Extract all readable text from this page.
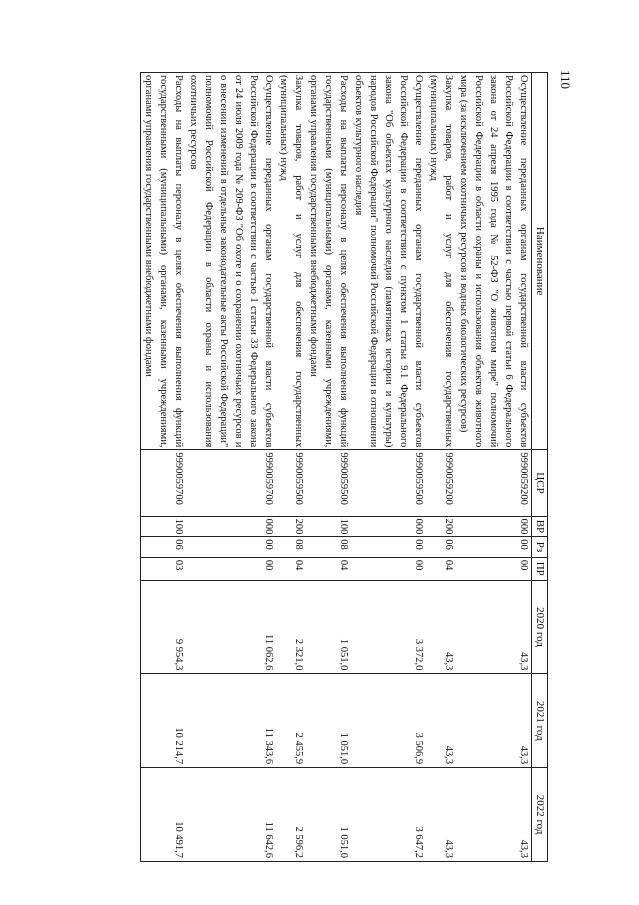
110
Наименование	ЦСР	ВР	Рз	ПР	2020 год	2021 год	2022 год
Осуществление переданных органам государственной власти субъектов Российской Федерации в соответствии с частью первой статьи 6 Федерального закона от 24 апреля 1995 года № 52-ФЗ "О животном мире" полномочий Российской Федерации в области охраны и использования объектов животного мира (за исключением охотничьих ресурсов и водных биологических ресурсов)	9990059200	000	00	00	43,3	43,3	43,3
Закупка товаров, работ и услуг для обеспечения государственных (муниципальных) нужд	9990059200	200	06	04	43,3	43,3	43,3
Осуществление переданных органам государственной власти субъектов Российской Федерации в соответствии с пунктом 1 статьи 9.1 Федерального закона "Об объектах культурного наследия (памятниках истории и культуры) народов Российской Федерации" полномочий Российской Федерации в отношении объектов культурного наследия	9990059500	000	00	00	3 372,0	3 506,9	3 647,2
Расходы на выплаты персоналу в целях обеспечения выполнения функций государственными (муниципальными) органами, казенными учреждениями, органами управления государственными внебюджетными фондами	9990059500	100	08	04	1 051,0	1 051,0	1 051,0
Закупка товаров, работ и услуг для обеспечения государственных (муниципальных) нужд	9990059500	200	08	04	2 321,0	2 455,9	2 596,2
Осуществление переданных органам государственной власти субъектов Российской Федерации в соответствии с частью 1 статьи 33 Федерального закона от 24 июля 2009 года № 209-ФЗ "Об охоте и о сохранении охотничьих ресурсов и о внесении изменений в отдельные законодательные акты Российской Федерации" полномочий Российской Федерации в области охраны и использования охотничьих ресурсов	9990059700	000	00	00	11 062,6	11 343,6	11 642,6
Расходы на выплаты персоналу в целях обеспечения выполнения функций государственными (муниципальными) органами, казенными учреждениями, органами управления государственными внебюджетными фондами	9990059700	100	06	03	9 954,3	10 214,7	10 491,7
